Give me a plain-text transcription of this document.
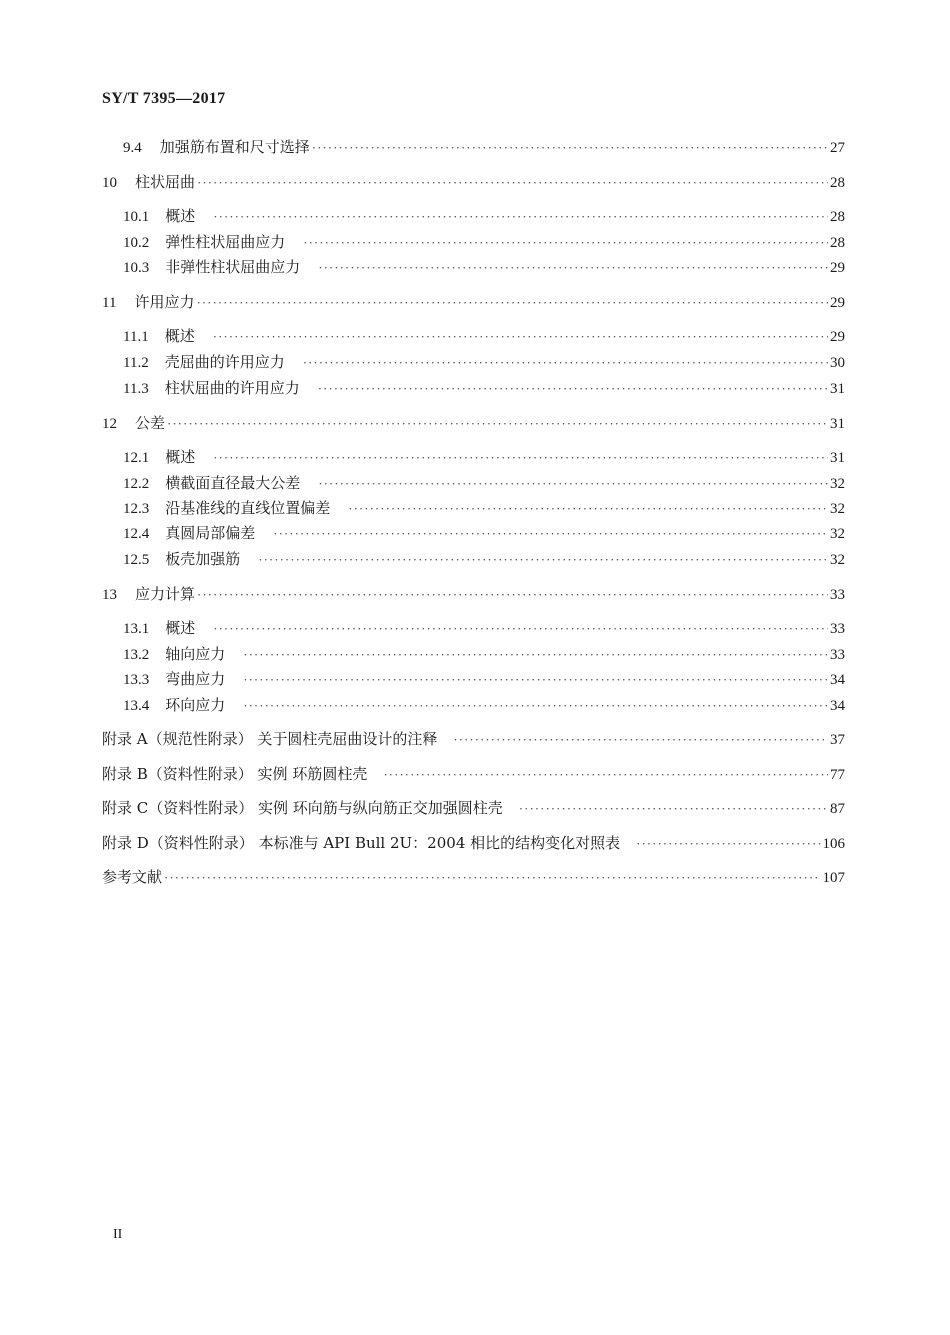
SY/T 7395—2017
9.4 加强筋布置和尺寸选择 ·····	27
10 柱状屈曲 ·····	28
10.1 概述 ·····	28
10.2 弹性柱状屈曲应力 ·····	28
10.3 非弹性柱状屈曲应力 ·····	29
11 许用应力 ·····	29
11.1 概述 ·····	29
11.2 壳屈曲的许用应力 ·····	30
11.3 柱状屈曲的许用应力 ·····	31
12 公差 ·····	31
12.1 概述 ·····	31
12.2 横截面直径最大公差 ·····	32
12.3 沿基准线的直线位置偏差 ·····	32
12.4 真圆局部偏差 ·····	32
12.5 板壳加强筋 ·····	32
13 应力计算 ·····	33
13.1 概述 ·····	33
13.2 轴向应力 ·····	33
13.3 弯曲应力 ·····	34
13.4 环向应力 ·····	34
附录 A（规范性附录） 关于圆柱壳屈曲设计的注释 ·····	37
附录 B（资料性附录） 实例 环筋圆柱壳 ·····	77
附录 C（资料性附录） 实例 环向筋与纵向筋正交加强圆柱壳 ·····	87
附录 D（资料性附录） 本标准与 API Bull 2U：2004 相比的结构变化对照表 ·····	106
参考文献 ·····	107
II
